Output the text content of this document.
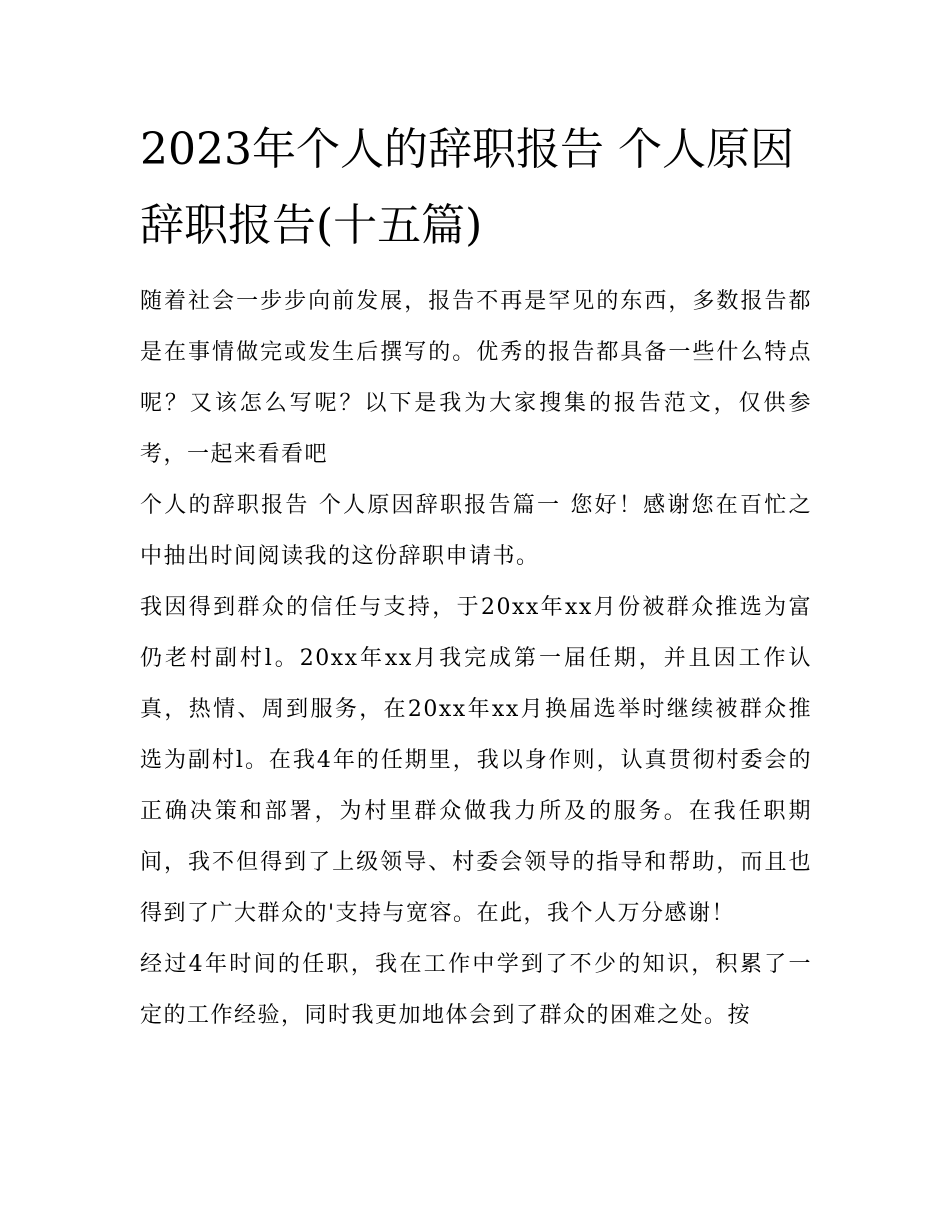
2023年个人的辞职报告 个人原因辞职报告(十五篇)

随着社会一步步向前发展，报告不再是罕见的东西，多数报告都是在事情做完或发生后撰写的。优秀的报告都具备一些什么特点呢？又该怎么写呢？以下是我为大家搜集的报告范文，仅供参考，一起来看看吧

个人的辞职报告 个人原因辞职报告篇一 您好！感谢您在百忙之中抽出时间阅读我的这份辞职申请书。

我因得到群众的信任与支持，于20xx年xx月份被群众推选为富仍老村副村l。20xx年xx月我完成第一届任期，并且因工作认真，热情、周到服务，在20xx年xx月换届选举时继续被群众推选为副村l。在我4年的任期里，我以身作则，认真贯彻村委会的正确决策和部署，为村里群众做我力所及的服务。在我任职期间，我不但得到了上级领导、村委会领导的指导和帮助，而且也得到了广大群众的'支持与宽容。在此，我个人万分感谢！

经过4年时间的任职，我在工作中学到了不少的知识，积累了一定的工作经验，同时我更加地体会到了群众的困难之处。按
